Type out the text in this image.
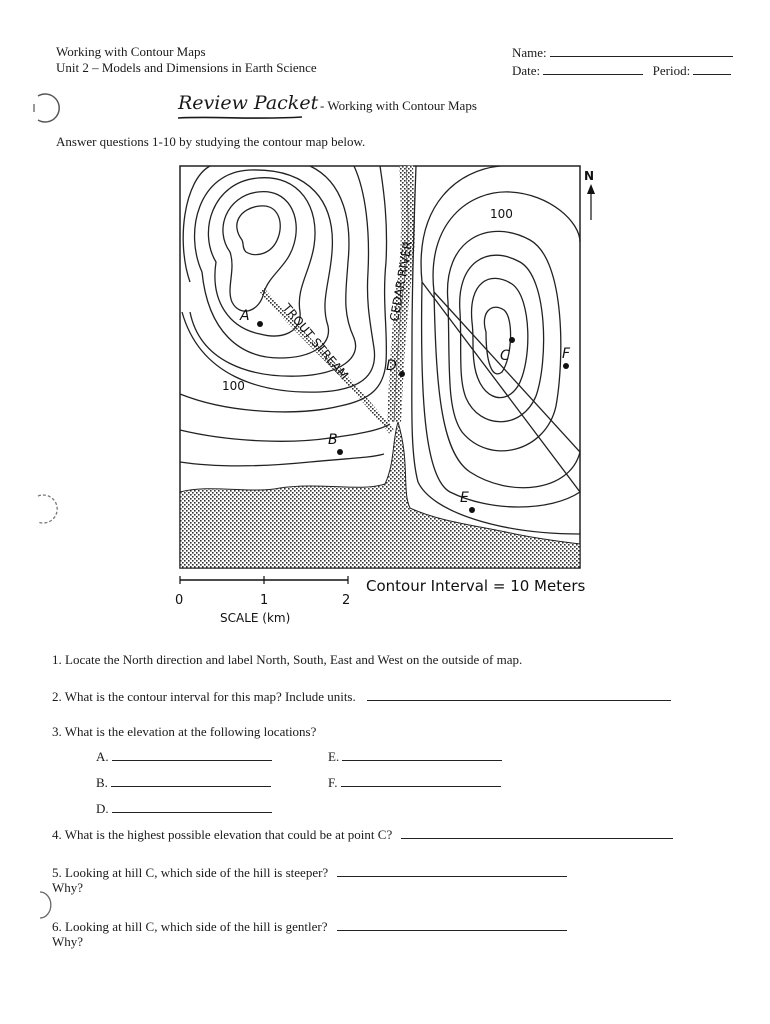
Working with Contour Maps
Unit 2 – Models and Dimensions in Earth Science
Name:
Date:	Period:
Review Packet - Working with Contour Maps
Answer questions 1-10 by studying the contour map below.
100
100
CEDAR RIVER
TROUT STREAM
A
B
C
D
E
F
N
0	1	2
SCALE (km)
Contour Interval = 10 Meters
1. Locate the North direction and label North, South, East and West on the outside of map.
2. What is the contour interval for this map? Include units.
3. What is the elevation at the following locations?
A.	E.
B.	F.
D.
4. What is the highest possible elevation that could be at point C?
5. Looking at hill C, which side of the hill is steeper?
Why?
6. Looking at hill C, which side of the hill is gentler?
Why?
